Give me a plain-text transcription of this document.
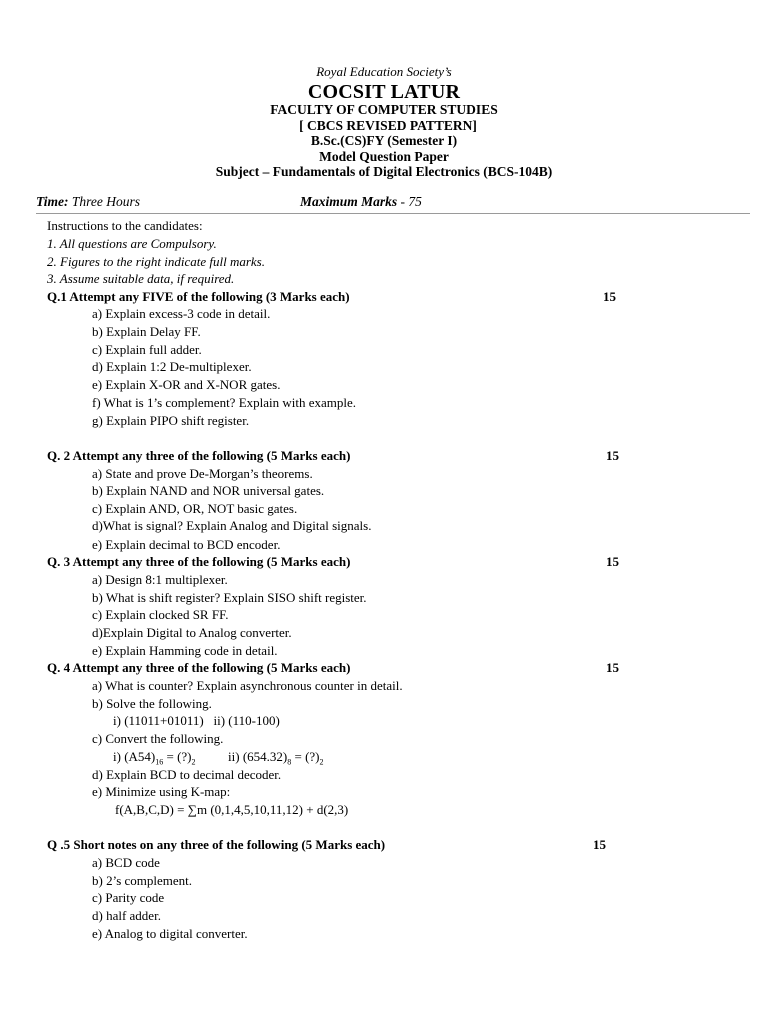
Royal Education Society’s
COCSIT LATUR
FACULTY OF COMPUTER STUDIES
[ CBCS REVISED PATTERN]
B.Sc.(CS)FY (Semester I)
Model Question Paper
Subject – Fundamentals of Digital Electronics (BCS-104B)
Time: Three Hours	Maximum Marks - 75
Instructions to the candidates:
1. All questions are Compulsory.
2. Figures to the right indicate full marks.
3. Assume suitable data, if required.
Q.1 Attempt any FIVE of the following (3 Marks each)	15
a) Explain excess-3 code in detail.
b) Explain Delay FF.
c) Explain full adder.
d) Explain 1:2 De-multiplexer.
e) Explain X-OR and X-NOR gates.
f) What is 1’s complement? Explain with example.
g) Explain PIPO shift register.
Q. 2 Attempt any three of the following (5 Marks each)	15
a) State and prove De-Morgan’s theorems.
b) Explain NAND and NOR universal gates.
c) Explain AND, OR, NOT basic gates.
d)What is signal? Explain Analog and Digital signals.
e) Explain decimal to BCD encoder.
Q. 3 Attempt any three of the following (5 Marks each)	15
a) Design 8:1 multiplexer.
b) What is shift register? Explain SISO shift register.
c) Explain clocked SR FF.
d)Explain Digital to Analog converter.
e) Explain Hamming code in detail.
Q. 4 Attempt any three of the following (5 Marks each)	15
a) What is counter? Explain asynchronous counter in detail.
b) Solve the following.
i) (11011+01011)   ii) (110-100)
c) Convert the following.
i) $(A54)_{16}$ = $(?)_2$	ii) $(654.32)_8$ = $(?)_2$
d) Explain BCD to decimal decoder.
e) Minimize using K-map:
f(A,B,C,D) = ∑m (0,1,4,5,10,11,12) + d(2,3)
Q .5 Short notes on any three of the following (5 Marks each)	15
a) BCD code
b) 2’s complement.
c) Parity code
d) half adder.
e) Analog to digital converter.
